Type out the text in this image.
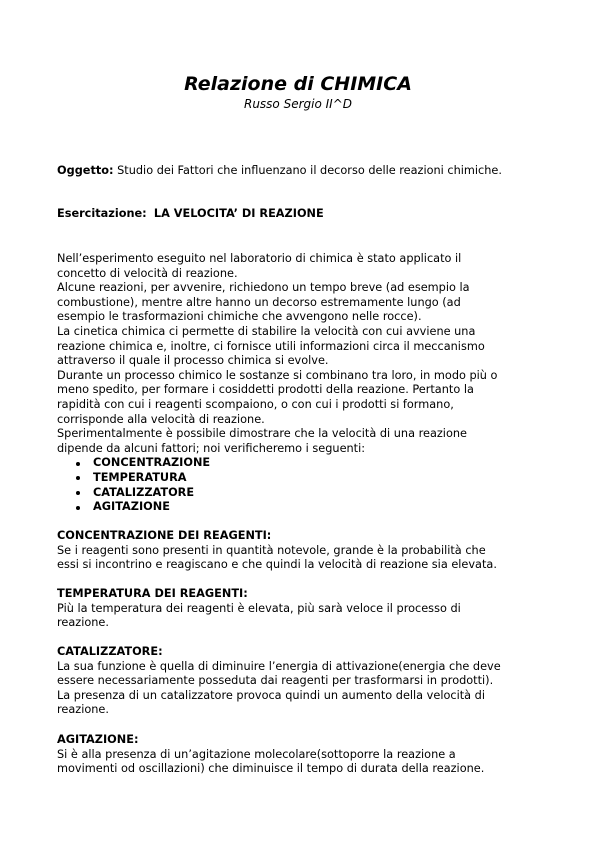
Relazione di CHIMICA
Russo Sergio II^D
Oggetto: Studio dei Fattori che influenzano il decorso delle reazioni chimiche.
Esercitazione: LA VELOCITA’ DI REAZIONE

Nell’esperimento eseguito nel laboratorio di chimica è stato applicato il

concetto di velocità di reazione.

Alcune reazioni, per avvenire, richiedono un tempo breve (ad esempio la

combustione), mentre altre hanno un decorso estremamente lungo (ad

esempio le trasformazioni chimiche che avvengono nelle rocce).

La cinetica chimica ci permette di stabilire la velocità con cui avviene una

reazione chimica e, inoltre, ci fornisce utili informazioni circa il meccanismo

attraverso il quale il processo chimica si evolve.

Durante un processo chimico le sostanze si combinano tra loro, in modo più o

meno spedito, per formare i cosiddetti prodotti della reazione. Pertanto la

rapidità con cui i reagenti scompaiono, o con cui i prodotti si formano,

corrisponde alla velocità di reazione.

Sperimentalmente è possibile dimostrare che la velocità di una reazione

dipende da alcuni fattori; noi verificheremo i seguenti:

CONCENTRAZIONE
TEMPERATURA
CATALIZZATORE
AGITAZIONE

CONCENTRAZIONE DEI REAGENTI:

Se i reagenti sono presenti in quantità notevole, grande è la probabilità che

essi si incontrino e reagiscano e che quindi la velocità di reazione sia elevata.

TEMPERATURA DEI REAGENTI:

Più la temperatura dei reagenti è elevata, più sarà veloce il processo di

reazione.

CATALIZZATORE:

La sua funzione è quella di diminuire l’energia di attivazione(energia che deve

essere necessariamente posseduta dai reagenti per trasformarsi in prodotti).

La presenza di un catalizzatore provoca quindi un aumento della velocità di

reazione.

AGITAZIONE:

Si è alla presenza di un’agitazione molecolare(sottoporre la reazione a

movimenti od oscillazioni) che diminuisce il tempo di durata della reazione.
